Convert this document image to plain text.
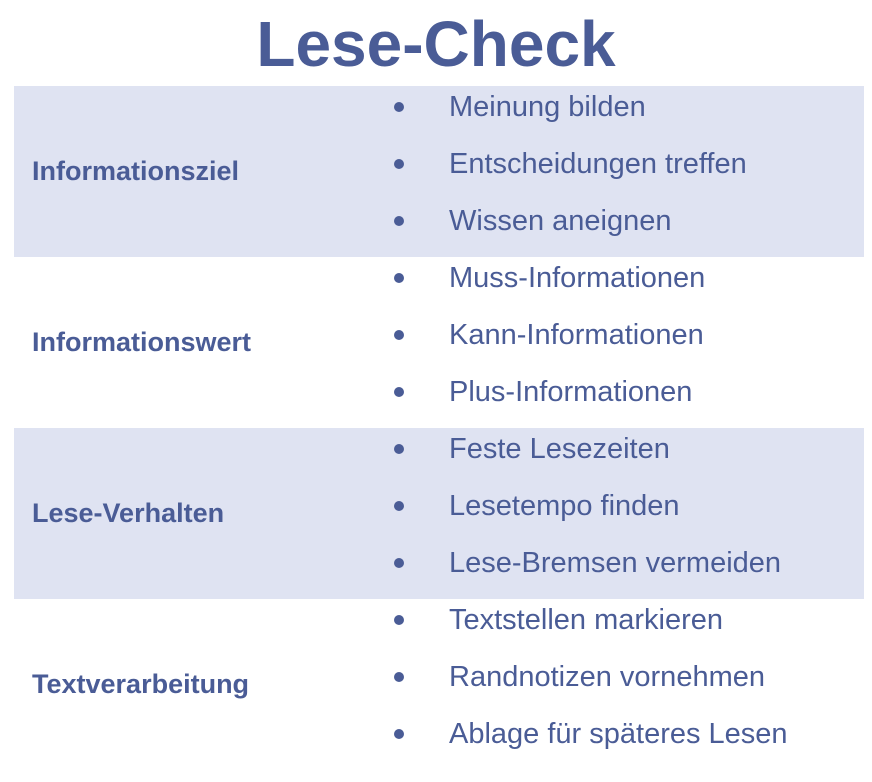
Lese-Check
Informationsziel
Meinung bilden
Entscheidungen treffen
Wissen aneignen
Informationswert
Muss-Informationen
Kann-Informationen
Plus-Informationen
Lese-Verhalten
Feste Lesezeiten
Lesetempo finden
Lese-Bremsen vermeiden
Textverarbeitung
Textstellen markieren
Randnotizen vornehmen
Ablage für späteres Lesen
